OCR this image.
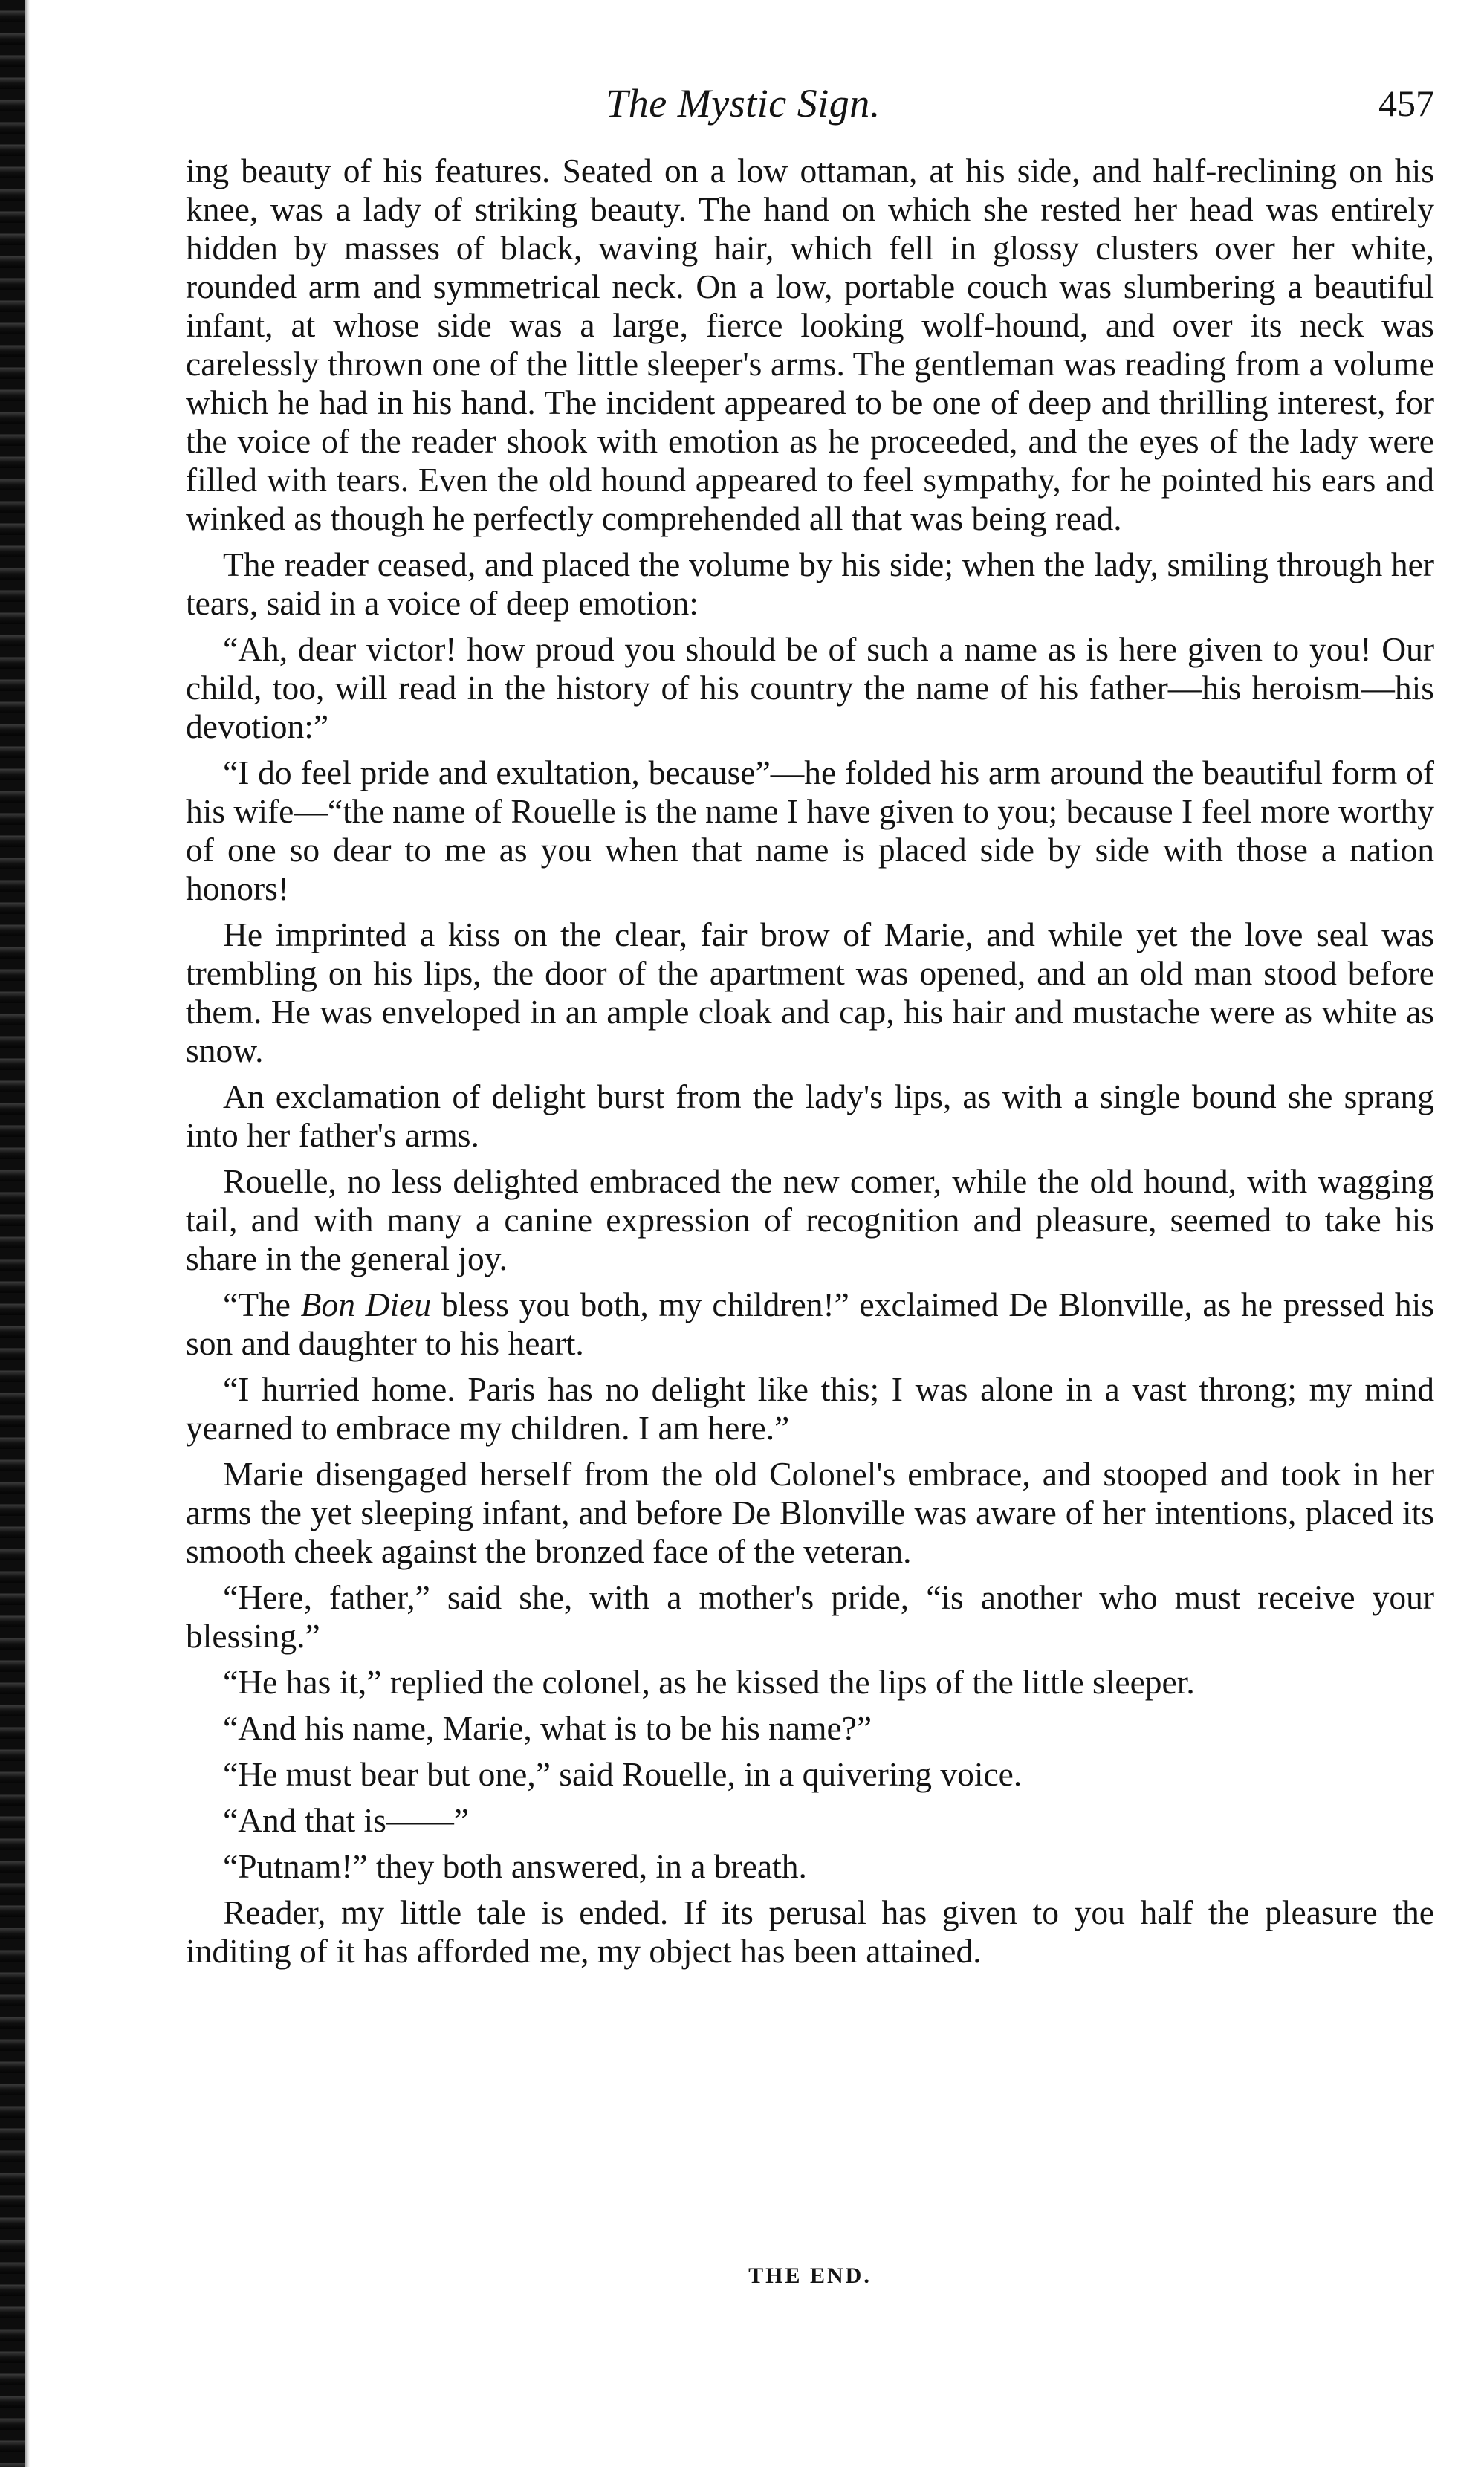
The Mystic Sign.	457

ing beauty of his features. Seated on a low ottaman, at his side, and half-reclining on his knee, was a lady of striking beauty. The hand on which she rested her head was entirely hidden by masses of black, waving hair, which fell in glossy clusters over her white, rounded arm and symmetrical neck. On a low, portable couch was slumbering a beautiful infant, at whose side was a large, fierce looking wolf-hound, and over its neck was carelessly thrown one of the little sleeper's arms. The gentleman was reading from a volume which he had in his hand. The incident appeared to be one of deep and thrilling interest, for the voice of the reader shook with emotion as he proceeded, and the eyes of the lady were filled with tears. Even the old hound appeared to feel sympathy, for he pointed his ears and winked as though he perfectly comprehended all that was being read.

The reader ceased, and placed the volume by his side; when the lady, smiling through her tears, said in a voice of deep emotion:

“Ah, dear victor! how proud you should be of such a name as is here given to you! Our child, too, will read in the history of his country the name of his father—his heroism—his devotion:”

“I do feel pride and exultation, because”—he folded his arm around the beautiful form of his wife—“the name of Rouelle is the name I have given to you; because I feel more worthy of one so dear to me as you when that name is placed side by side with those a nation honors!

He imprinted a kiss on the clear, fair brow of Marie, and while yet the love seal was trembling on his lips, the door of the apartment was opened, and an old man stood before them. He was enveloped in an ample cloak and cap, his hair and mustache were as white as snow.

An exclamation of delight burst from the lady's lips, as with a single bound she sprang into her father's arms.

Rouelle, no less delighted embraced the new comer, while the old hound, with wagging tail, and with many a canine expression of recognition and pleasure, seemed to take his share in the general joy.

“The Bon Dieu bless you both, my children!” exclaimed De Blonville, as he pressed his son and daughter to his heart.

“I hurried home. Paris has no delight like this; I was alone in a vast throng; my mind yearned to embrace my children. I am here.”

Marie disengaged herself from the old Colonel's embrace, and stooped and took in her arms the yet sleeping infant, and before De Blonville was aware of her intentions, placed its smooth cheek against the bronzed face of the veteran.

“Here, father,” said she, with a mother's pride, “is another who must receive your blessing.”

“He has it,” replied the colonel, as he kissed the lips of the little sleeper.

“And his name, Marie, what is to be his name?”

“He must bear but one,” said Rouelle, in a quivering voice.

“And that is——”

“Putnam!” they both answered, in a breath.

Reader, my little tale is ended. If its perusal has given to you half the pleasure the inditing of it has afforded me, my object has been attained.

THE END.
